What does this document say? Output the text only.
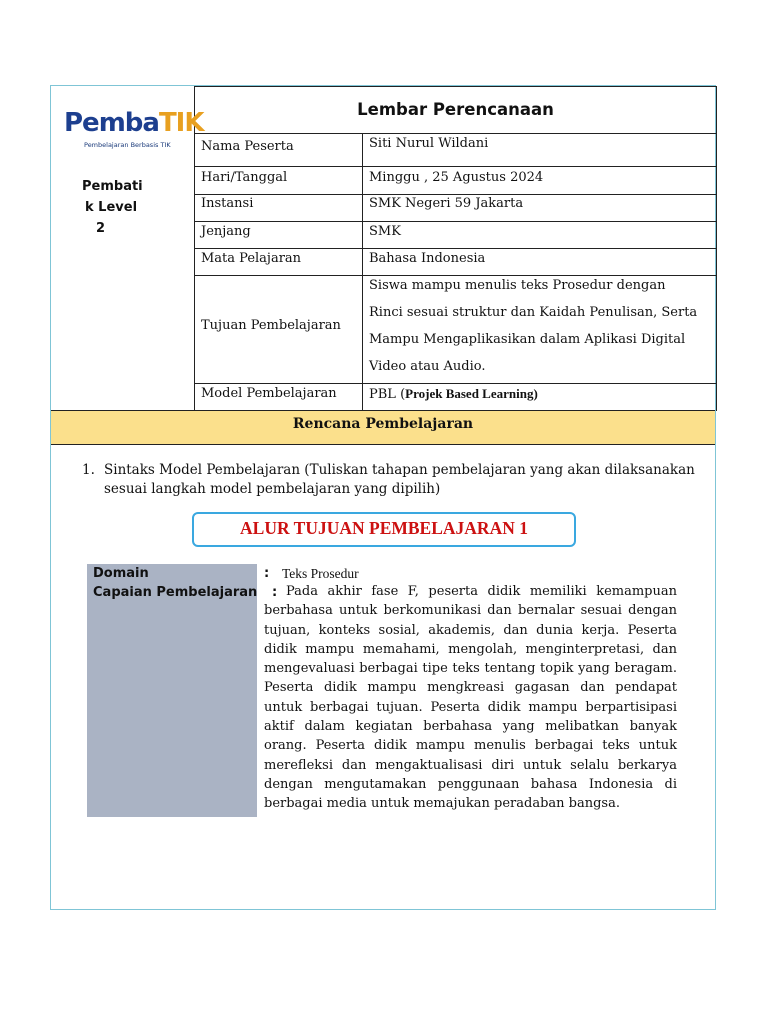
PembaTIK
Pembelajaran Berbasis TIK
Pembati
k Level
2
Lembar Perencanaan
Nama Peserta	Siti Nurul Wildani
Hari/Tanggal	Minggu , 25 Agustus 2024
Instansi	SMK Negeri 59 Jakarta
Jenjang	SMK
Mata Pelajaran	Bahasa Indonesia
Tujuan Pembelajaran
Siswa mampu menulis teks Prosedur dengan
Rinci sesuai struktur dan Kaidah Penulisan, Serta
Mampu Mengaplikasikan dalam Aplikasi Digital
Video atau Audio.
Model Pembelajaran PBL (Projek Based Learning)
Rencana Pembelajaran
1. Sintaks Model Pembelajaran (Tuliskan tahapan pembelajaran yang akan dilaksanakan sesuai langkah model pembelajaran yang dipilih)
ALUR TUJUAN PEMBELAJARAN 1
Domain	: Teks Prosedur
Capaian Pembelajaran : Pada akhir fase F, peserta didik memiliki kemampuan berbahasa untuk berkomunikasi dan bernalar sesuai dengan tujuan, konteks sosial, akademis, dan dunia kerja. Peserta didik mampu memahami, mengolah, menginterpretasi, dan mengevaluasi berbagai tipe teks tentang topik yang beragam. Peserta didik mampu mengkreasi gagasan dan pendapat untuk berbagai tujuan. Peserta didik mampu berpartisipasi aktif dalam kegiatan berbahasa yang melibatkan banyak orang. Peserta didik mampu menulis berbagai teks untuk merefleksi dan mengaktualisasi diri untuk selalu berkarya dengan mengutamakan penggunaan bahasa Indonesia di berbagai media untuk memajukan peradaban bangsa.
